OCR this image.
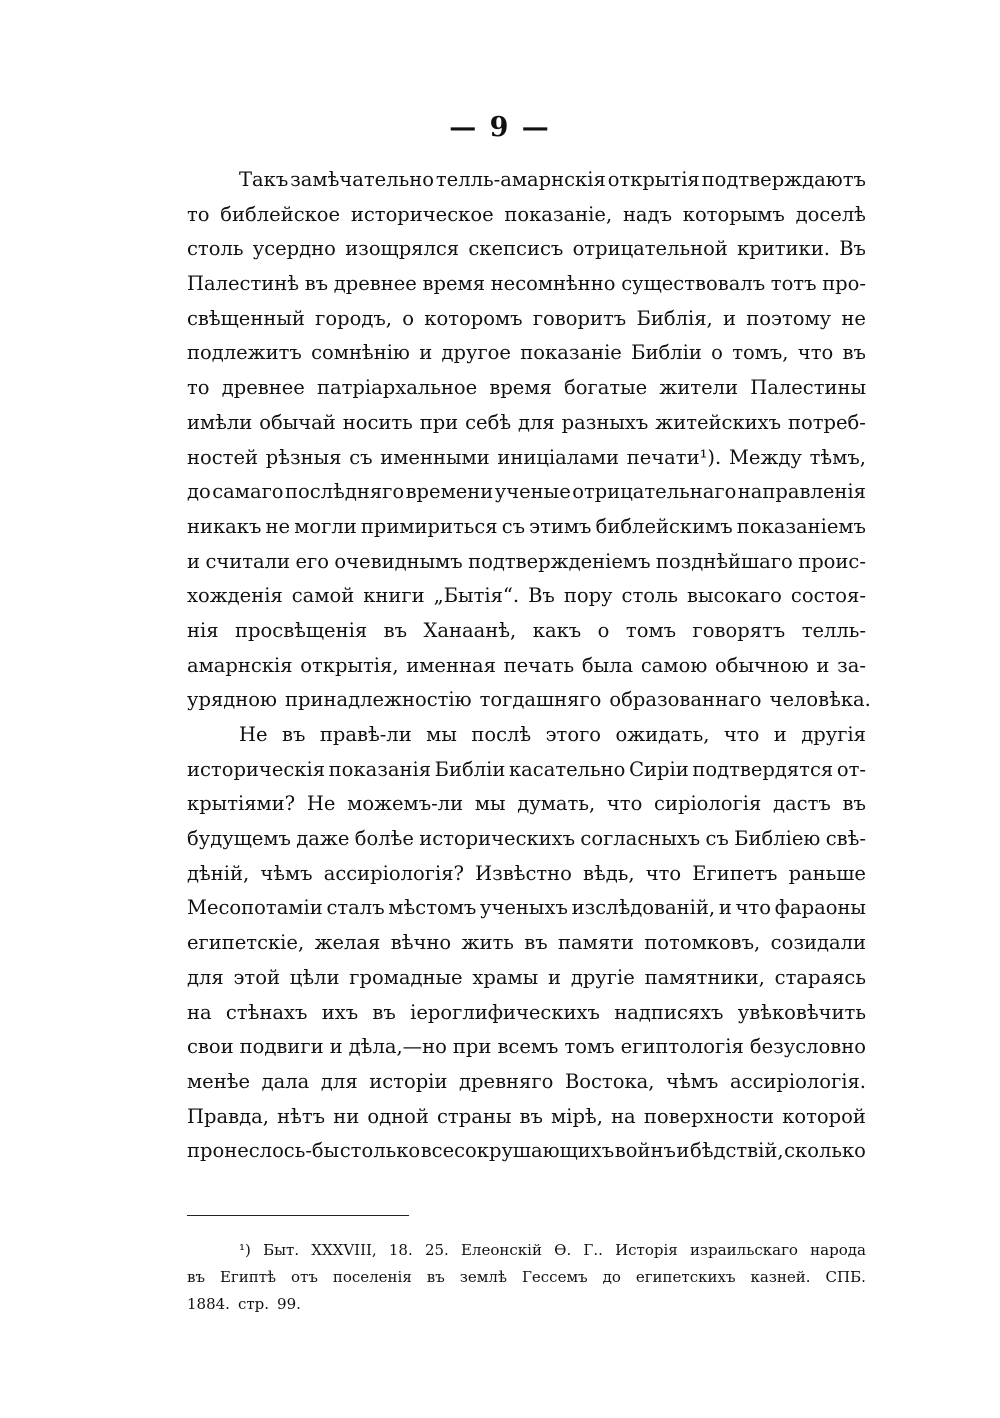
— 9 —
Такъ замѣчательно телль-амарнскія открытія подтверждаютъ
то библейское историческое показаніе, надъ которымъ доселѣ
столь усердно изощрялся скепсисъ отрицательной критики. Въ
Палестинѣ въ древнее время несомнѣнно существовалъ тотъ про-
свѣщенный городъ, о которомъ говоритъ Библія, и поэтому не
подлежитъ сомнѣнію и другое показаніе Библіи о томъ, что въ
то древнее патріархальное время богатые жители Палестины
имѣли обычай носить при себѣ для разныхъ житейскихъ потреб-
ностей рѣзныя съ именными иниціалами печати¹). Между тѣмъ,
до самаго послѣдняго времени ученые отрицательнаго направленія
никакъ не могли примириться съ этимъ библейскимъ показаніемъ
и считали его очевиднымъ подтвержденіемъ позднѣйшаго проис-
хожденія самой книги „Бытія“. Въ пору столь высокаго состоя-
нія просвѣщенія въ Ханаанѣ, какъ о томъ говорятъ телль-
амарнскія открытія, именная печать была самою обычною и за-
урядною принадлежностію тогдашняго образованнаго человѣка.
Не въ правѣ-ли мы послѣ этого ожидать, что и другія
историческія показанія Библіи касательно Сиріи подтвердятся от-
крытіями? Не можемъ-ли мы думать, что сиріологія дастъ въ
будущемъ даже болѣе историческихъ согласныхъ съ Библіею свѣ-
дѣній, чѣмъ ассиріологія? Извѣстно вѣдь, что Египетъ раньше
Месопотаміи сталъ мѣстомъ ученыхъ изслѣдованій, и что фараоны
египетскіе, желая вѣчно жить въ памяти потомковъ, созидали
для этой цѣли громадные храмы и другіе памятники, стараясь
на стѣнахъ ихъ въ іероглифическихъ надписяхъ увѣковѣчить
свои подвиги и дѣла,—но при всемъ томъ египтологія безусловно
менѣе дала для исторіи древняго Востока, чѣмъ ассиріологія.
Правда, нѣтъ ни одной страны въ мірѣ, на поверхности которой
пронеслось-бы столько всесокрушающихъ войнъ и бѣдствій, сколько
¹) Быт. XXXVIII, 18. 25. Елеонскій Ѳ. Г.. Исторія израильскаго народа
въ Египтѣ отъ поселенія въ землѣ Гессемъ до египетскихъ казней. СПБ.
1884. стр. 99.
